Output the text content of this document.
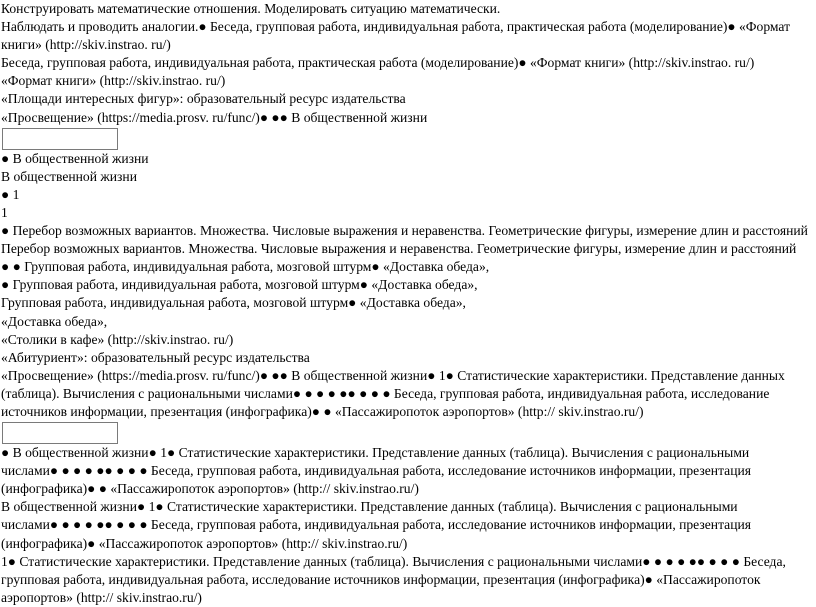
Конструировать математические отношения. Моделировать ситуацию математически.
Наблюдать и проводить аналогии.● Беседа, групповая работа, индивидуальная работа, практическая работа (моделирование)● «Формат
книги» (http://skiv.instrao. ru/)
Беседа, групповая работа, индивидуальная работа, практическая работа (моделирование)● «Формат книги» (http://skiv.instrao. ru/)
«Формат книги» (http://skiv.instrao. ru/)
«Площади интересных фигур»: образовательный ресурс издательства
«Просвещение» (https://media.prosv. ru/func/)● ●● В общественной жизни
● В общественной жизни
В общественной жизни
● 1
1
● Перебор возможных вариантов. Множества. Числовые выражения и неравенства. Геометрические фигуры, измерение длин и расстояний
Перебор возможных вариантов. Множества. Числовые выражения и неравенства. Геометрические фигуры, измерение длин и расстояний
● ● Групповая работа, индивидуальная работа, мозговой штурм● «Доставка обеда»,
● Групповая работа, индивидуальная работа, мозговой штурм● «Доставка обеда»,
Групповая работа, индивидуальная работа, мозговой штурм● «Доставка обеда»,
«Доставка обеда»,
«Столики в кафе» (http://skiv.instrao. ru/)
«Абитуриент»: образовательный ресурс издательства
«Просвещение» (https://media.prosv. ru/func/)● ●● В общественной жизни● 1● Статистические характеристики. Представление данных
(таблица). Вычисления с рациональными числами● ● ● ● ●● ● ● ● Беседа, групповая работа, индивидуальная работа, исследование
источников информации, презентация (инфографика)● ● «Пассажиропоток аэропортов» (http:// skiv.instrao.ru/)
● В общественной жизни● 1● Статистические характеристики. Представление данных (таблица). Вычисления с рациональными
числами● ● ● ● ●● ● ● ● Беседа, групповая работа, индивидуальная работа, исследование источников информации, презентация
(инфографика)● ● «Пассажиропоток аэропортов» (http:// skiv.instrao.ru/)
В общественной жизни● 1● Статистические характеристики. Представление данных (таблица). Вычисления с рациональными
числами● ● ● ● ●● ● ● ● Беседа, групповая работа, индивидуальная работа, исследование источников информации, презентация
(инфографика)● «Пассажиропоток аэропортов» (http:// skiv.instrao.ru/)
1● Статистические характеристики. Представление данных (таблица). Вычисления с рациональными числами● ● ● ● ●● ● ● ● Беседа,
групповая работа, индивидуальная работа, исследование источников информации, презентация (инфографика)● «Пассажиропоток
аэропортов» (http:// skiv.instrao.ru/)
